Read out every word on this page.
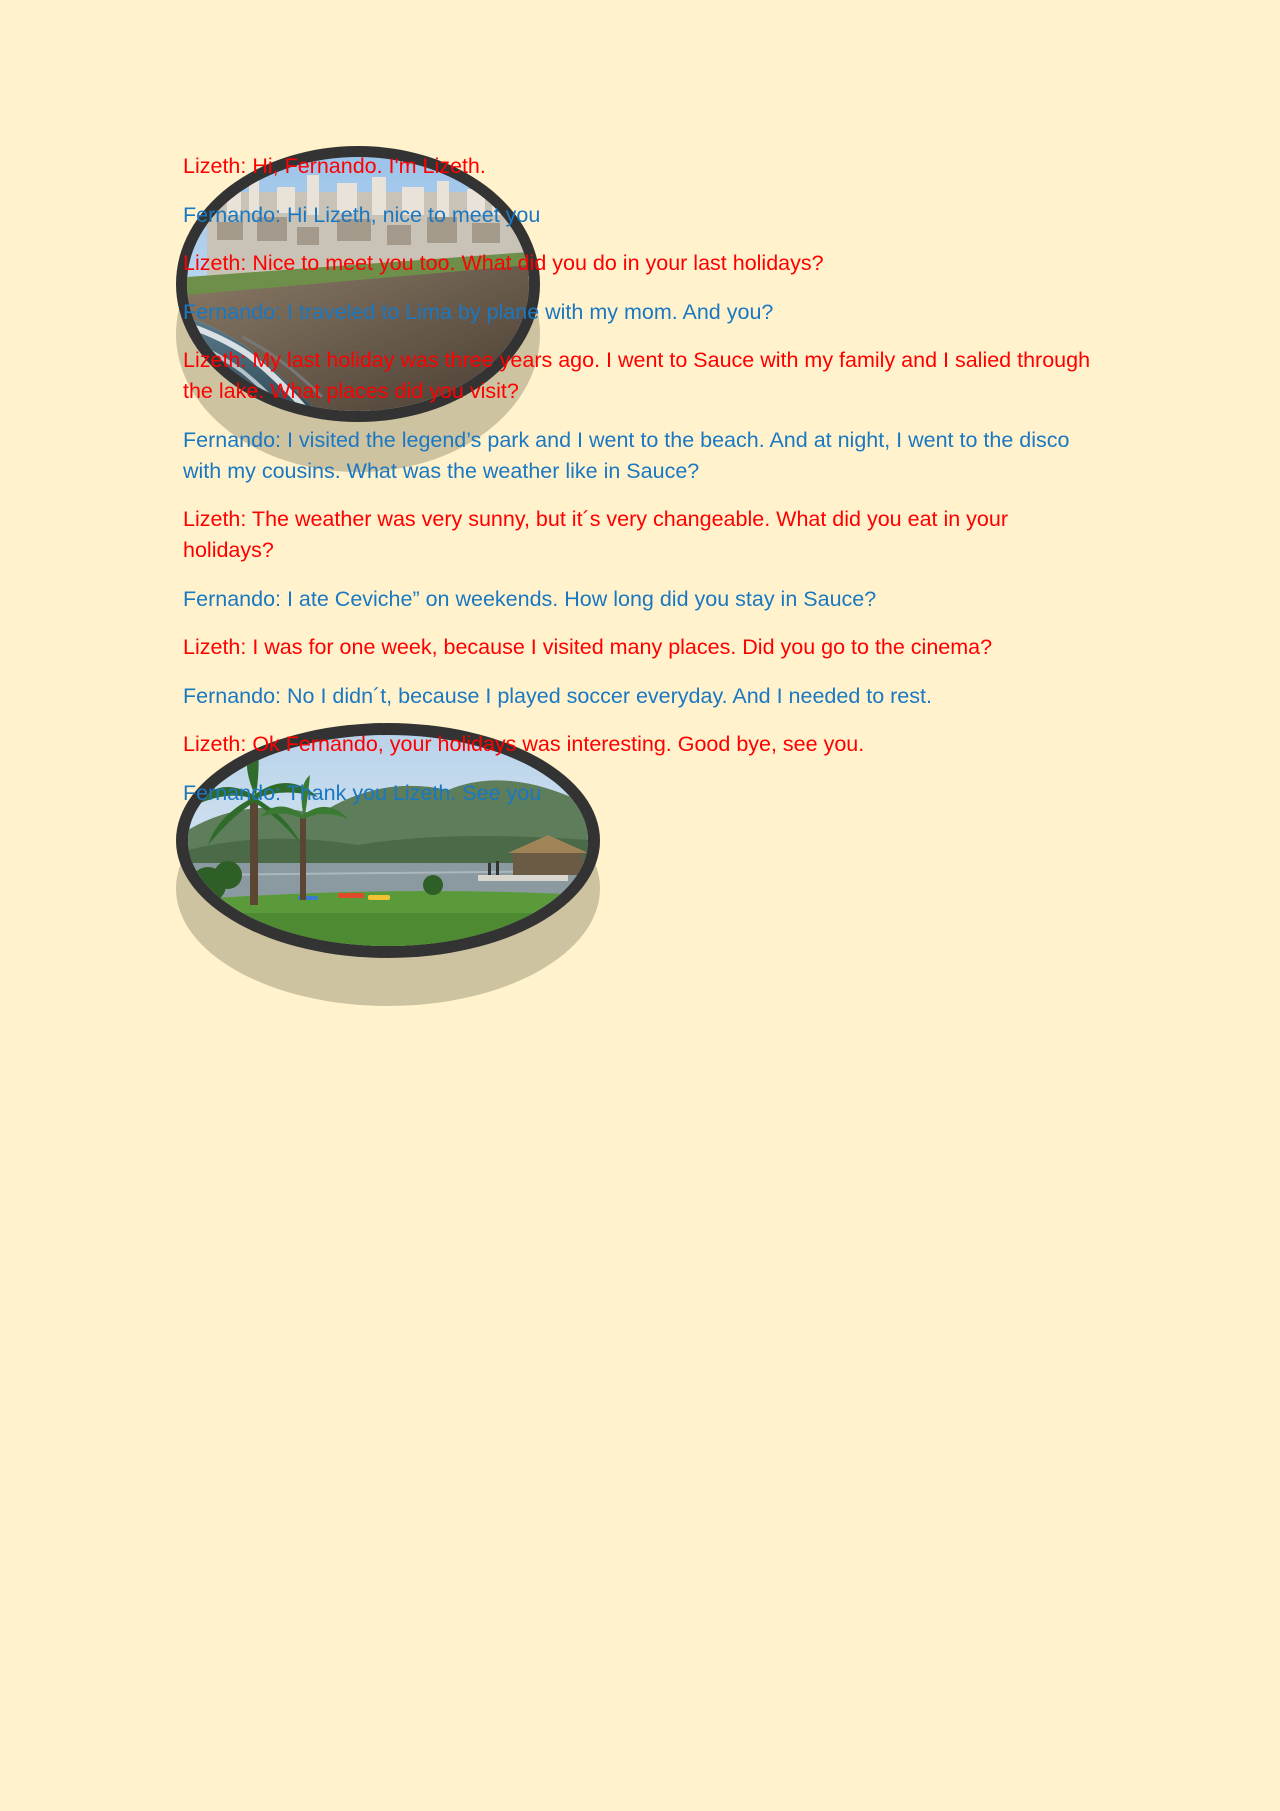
Lizeth: Hi, Fernando. I'm Lizeth.

Fernando: Hi Lizeth, nice to meet you

Lizeth: Nice to meet you too. What did you do in your last holidays?

Fernando: I traveled to Lima by plane with my mom. And you?

Lizeth: My last holiday was three years ago. I went to Sauce with my family and I salied through the lake. What places did you visit?

Fernando: I visited the legend’s park and I went to the beach. And at night, I went to the disco with my cousins. What was the weather like in Sauce?

Lizeth: The weather was very sunny, but it´s very changeable. What did you eat in your holidays?

Fernando: I ate Ceviche” on weekends. How long did you stay in Sauce?

Lizeth: I was for one week, because I visited many places. Did you go to the cinema?

Fernando: No I didn´t, because I played soccer everyday. And I needed to rest.

Lizeth: Ok Fernando, your holidays was interesting. Good bye, see you.

Fernando: Thank you Lizeth. See you
